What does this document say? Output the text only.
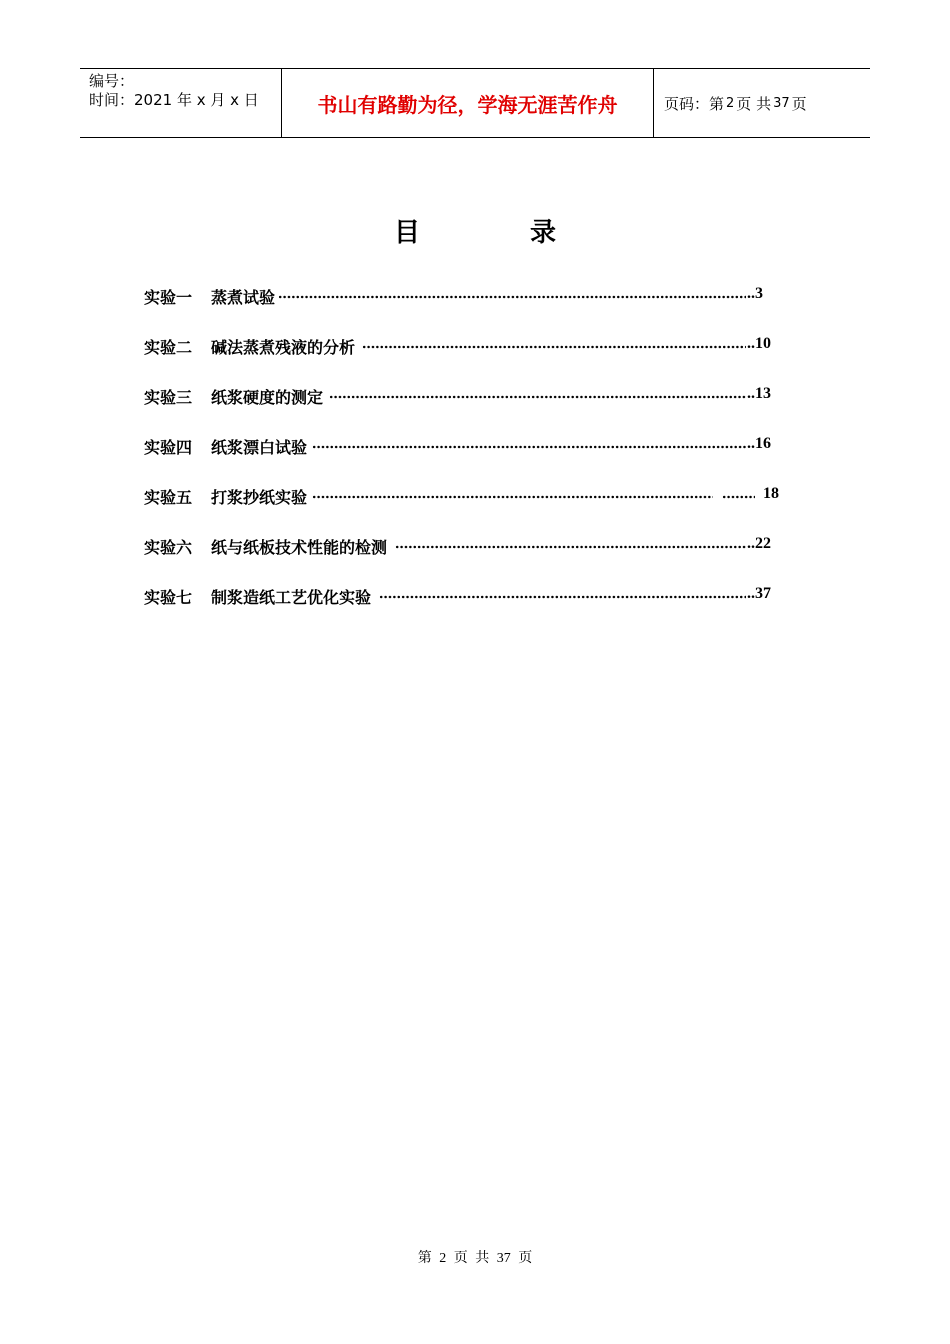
编号：
时间：2021 年 x 月 x 日	书山有路勤为径，学海无涯苦作舟	页码：第 2 页 共 37 页
目	录
实验一 蒸煮试验	..3
实验二 碱法蒸煮残液的分析	..10
实验三 纸浆硬度的测定	..13
实验四 纸浆漂白试验	..16
实验五 打浆抄纸实验	18
实验六 纸与纸板技术性能的检测	..22
实验七 制浆造纸工艺优化实验	..37
第 2 页 共 37 页
